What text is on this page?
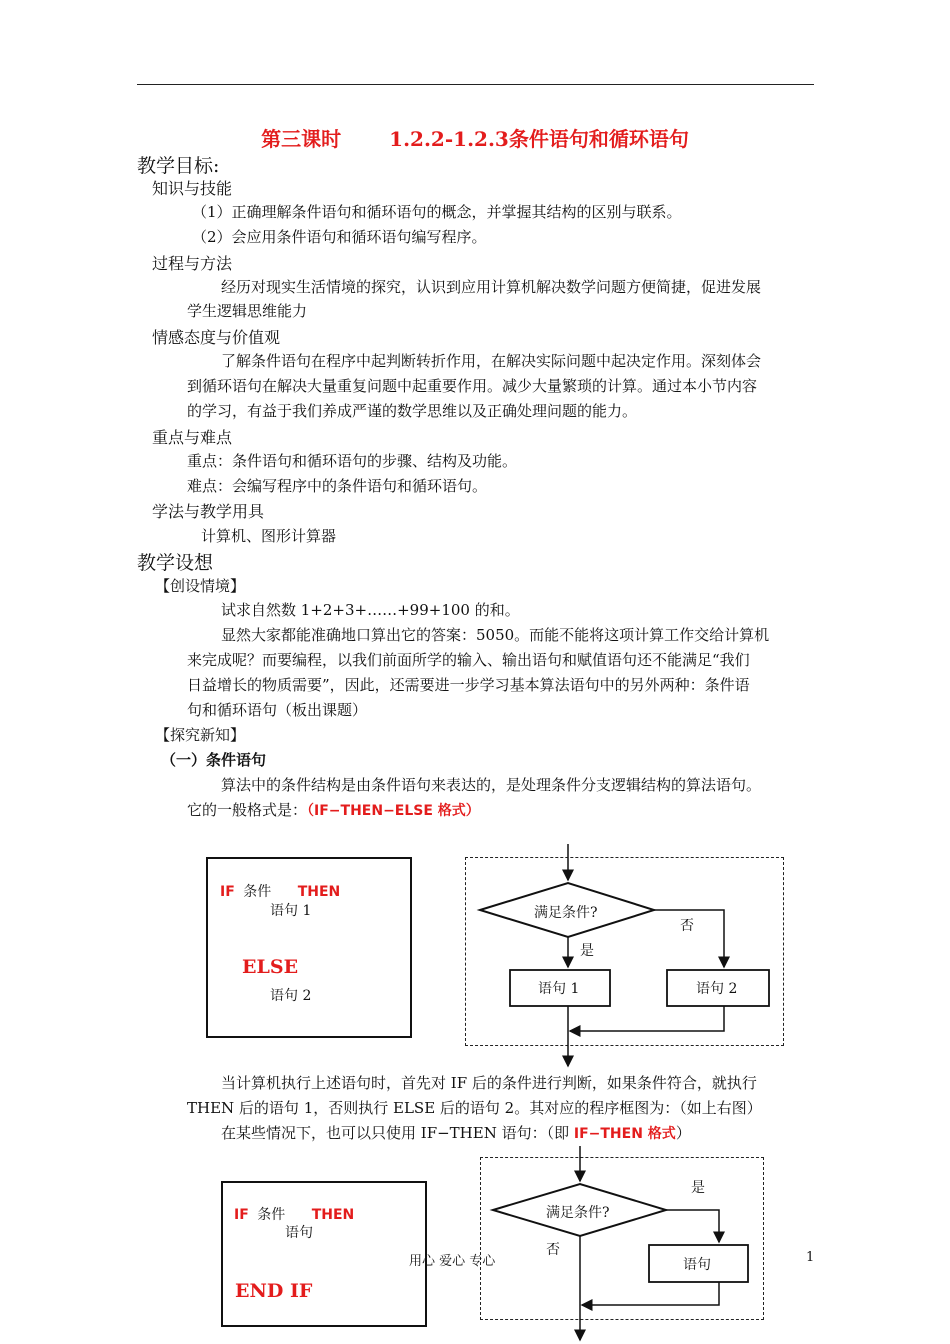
第三课时 1.2.2-1.2.3条件语句和循环语句
教学目标:
知识与技能
（1）正确理解条件语句和循环语句的概念，并掌握其结构的区别与联系。
（2）会应用条件语句和循环语句编写程序。
过程与方法
经历对现实生活情境的探究，认识到应用计算机解决数学问题方便简捷，促进发展
学生逻辑思维能力
情感态度与价值观
了解条件语句在程序中起判断转折作用，在解决实际问题中起决定作用。深刻体会
到循环语句在解决大量重复问题中起重要作用。减少大量繁琐的计算。通过本小节内容
的学习，有益于我们养成严谨的数学思维以及正确处理问题的能力。
重点与难点
重点：条件语句和循环语句的步骤、结构及功能。
难点：会编写程序中的条件语句和循环语句。
学法与教学用具
计算机、图形计算器
教学设想
【创设情境】
试求自然数 1+2+3+……+99+100 的和。
显然大家都能准确地口算出它的答案：5050。而能不能将这项计算工作交给计算机
来完成呢？而要编程，以我们前面所学的输入、输出语句和赋值语句还不能满足“我们
日益增长的物质需要”，因此，还需要进一步学习基本算法语句中的另外两种：条件语
句和循环语句（板出课题）
【探究新知】
（一）条件语句
算法中的条件结构是由条件语句来表达的，是处理条件分支逻辑结构的算法语句。
它的一般格式是：（IF−THEN−ELSE 格式）
IF 条件 THEN
语句 1
ELSE
语句 2
满足条件?
否
是
语句 1	语句 2
当计算机执行上述语句时，首先对 IF 后的条件进行判断，如果条件符合，就执行
THEN 后的语句 1，否则执行 ELSE 后的语句 2。其对应的程序框图为：（如上右图）
在某些情况下，也可以只使用 IF−THEN 语句：（即 IF−THEN 格式）
IF 条件 THEN
语句
END IF
满足条件?
是
否
语句
用心 爱心 专心	1
